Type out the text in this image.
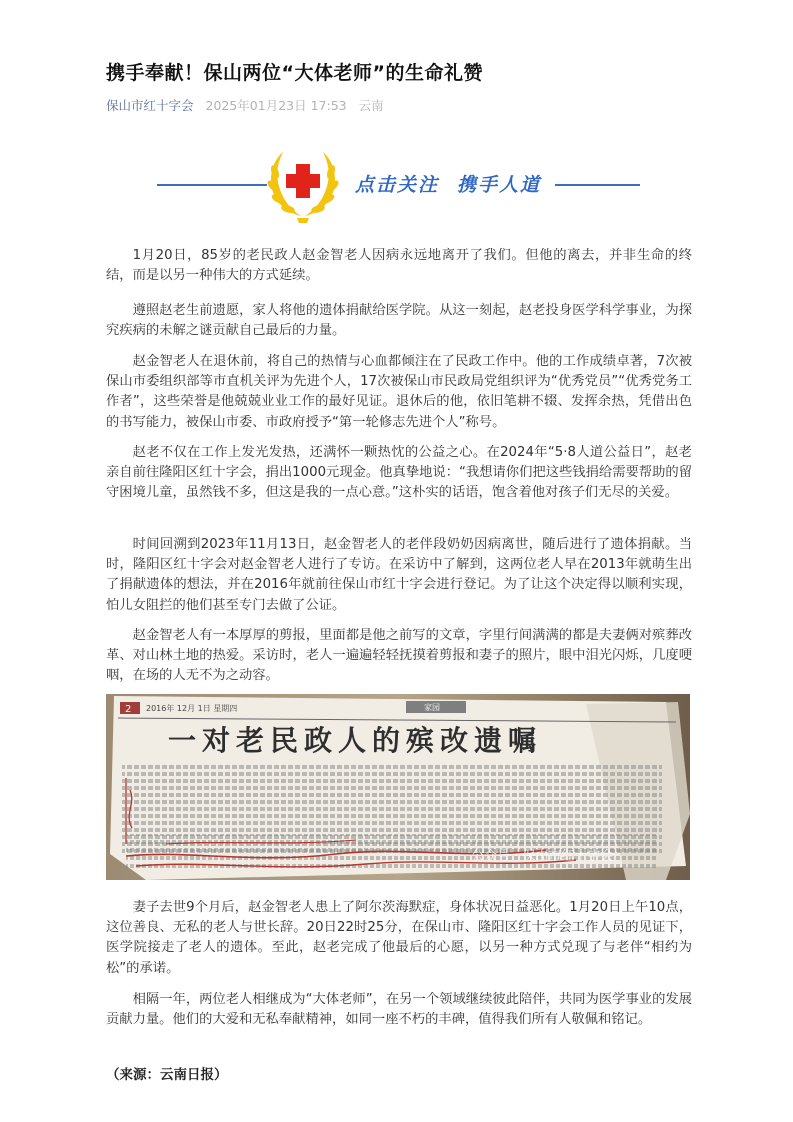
携手奉献！保山两位“大体老师”的生命礼赞
保山市红十字会 2025年01月23日 17:53 云南
点击关注 携手人道

1月20日，85岁的老民政人赵金智老人因病永远地离开了我们。但他的离去，并非生命的终结，而是以另一种伟大的方式延续。

遵照赵老生前遗愿，家人将他的遗体捐献给医学院。从这一刻起，赵老投身医学科学事业，为探究疾病的未解之谜贡献自己最后的力量。

赵金智老人在退休前，将自己的热情与心血都倾注在了民政工作中。他的工作成绩卓著，7次被保山市委组织部等市直机关评为先进个人，17次被保山市民政局党组织评为“优秀党员”“优秀党务工作者”，这些荣誉是他兢兢业业工作的最好见证。退休后的他，依旧笔耕不辍、发挥余热，凭借出色的书写能力，被保山市委、市政府授予“第一轮修志先进个人”称号。

赵老不仅在工作上发光发热，还满怀一颗热忱的公益之心。在2024年“5·8人道公益日”，赵老亲自前往隆阳区红十字会，捐出1000元现金。他真挚地说：“我想请你们把这些钱捐给需要帮助的留守困境儿童，虽然钱不多，但这是我的一点心意。”这朴实的话语，饱含着他对孩子们无尽的关爱。

时间回溯到2023年11月13日，赵金智老人的老伴段奶奶因病离世，随后进行了遗体捐献。当时，隆阳区红十字会对赵金智老人进行了专访。在采访中了解到，这两位老人早在2013年就萌生出了捐献遗体的想法，并在2016年就前往保山市红十字会进行登记。为了让这个决定得以顺利实现，怕儿女阻拦的他们甚至专门去做了公证。

赵金智老人有一本厚厚的剪报，里面都是他之前写的文章，字里行间满满的都是夫妻俩对殡葬改革、对山林土地的热爱。采访时，老人一遍遍轻轻抚摸着剪报和妻子的照片，眼中泪光闪烁，几度哽咽，在场的人无不为之动容。

2 2016年 12月 1日 星期四	家园
一对老民政人的殡改遗嘱
公众号 · 保山市红十字会

妻子去世9个月后，赵金智老人患上了阿尔茨海默症，身体状况日益恶化。1月20日上午10点，这位善良、无私的老人与世长辞。20日22时25分，在保山市、隆阳区红十字会工作人员的见证下，医学院接走了老人的遗体。至此，赵老完成了他最后的心愿，以另一种方式兑现了与老伴“相约为松”的承诺。

相隔一年，两位老人相继成为“大体老师”，在另一个领域继续彼此陪伴，共同为医学事业的发展贡献力量。他们的大爱和无私奉献精神，如同一座不朽的丰碑，值得我们所有人敬佩和铭记。

（来源：云南日报）
